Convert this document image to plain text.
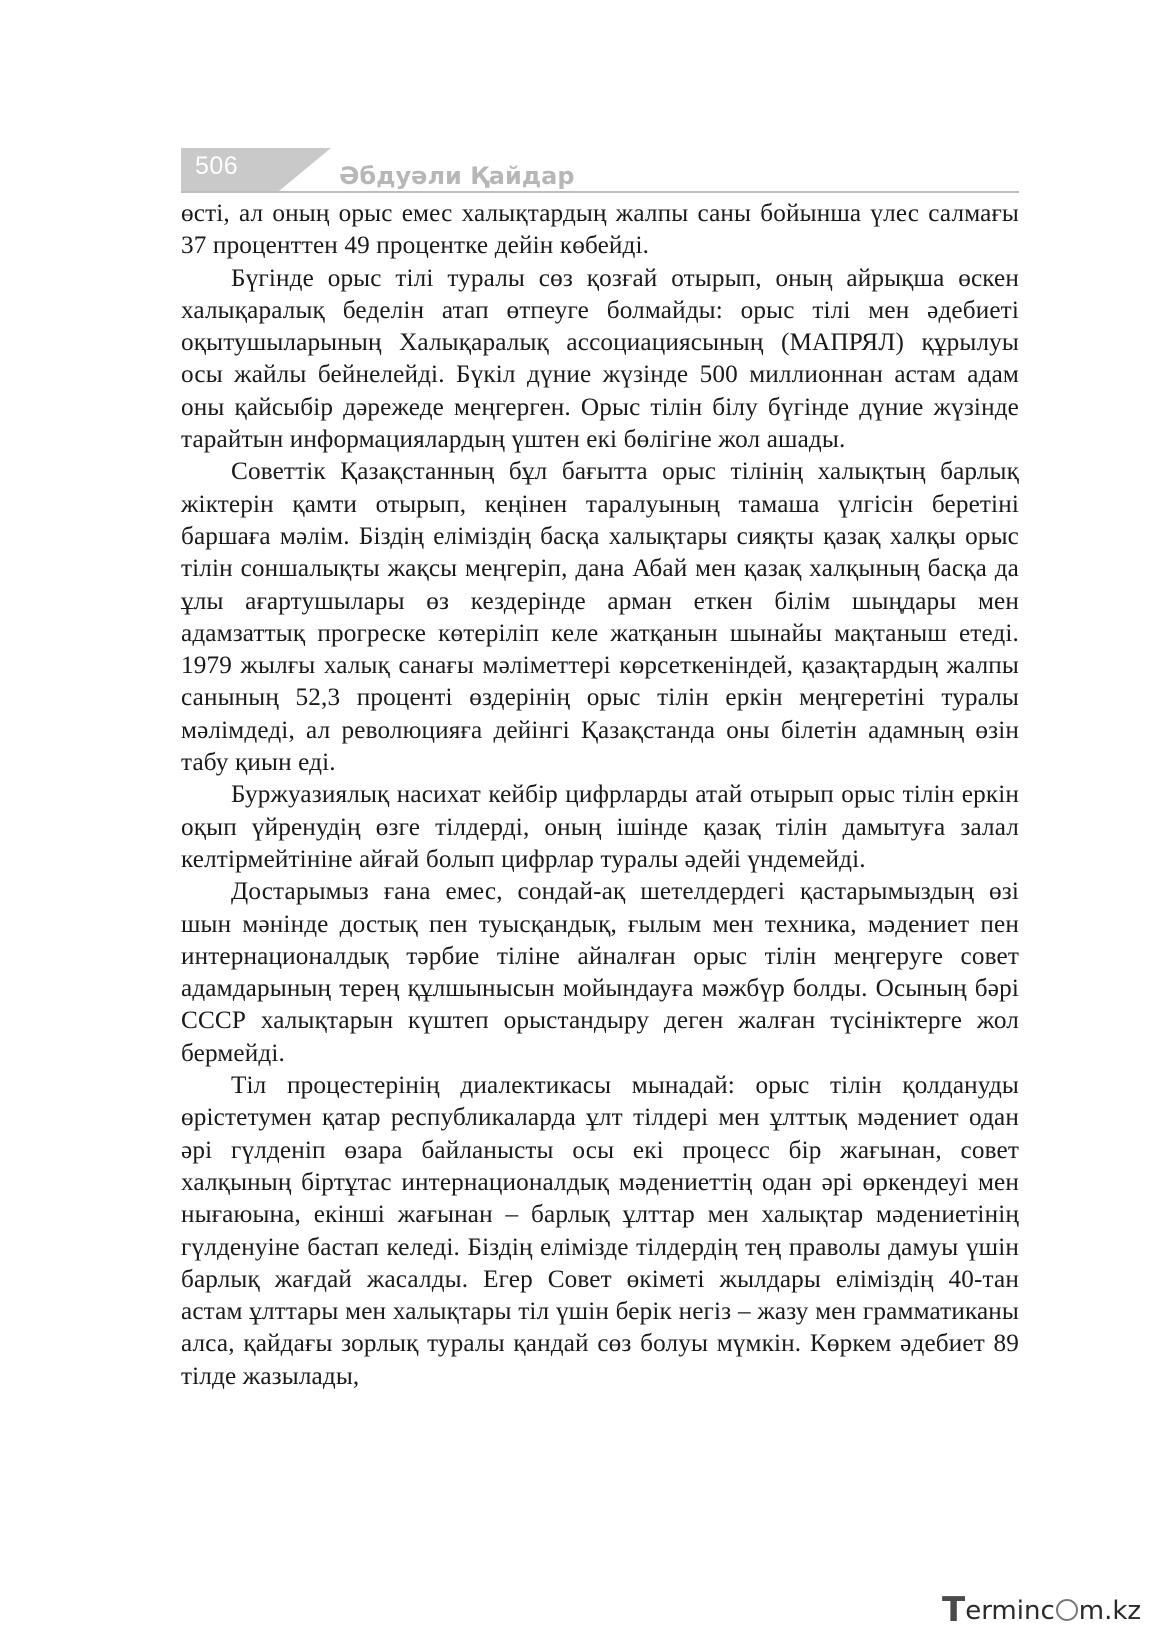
506	Әбдуәли Қайдар

өсті, ал оның орыс емес халықтардың жалпы саны бойынша үлес салмағы 37 проценттен 49 процентке дейін көбейді.

Бүгінде орыс тілі туралы сөз қозғай отырып, оның айрықша өскен халықаралық беделін атап өтпеуге болмайды: орыс тілі мен әдебиеті оқытушыларының Халықаралық ассоциациясының (МАПРЯЛ) құрылуы осы жайлы бейнелейді. Бүкіл дүние жүзінде 500 миллионнан астам адам оны қайсыбір дәрежеде меңгерген. Орыс тілін білу бүгінде дүние жүзінде тарайтын информациялардың үштен екі бөлігіне жол ашады.

Советтік Қазақстанның бұл бағытта орыс тілінің халықтың барлық жіктерін қамти отырып, кеңінен таралуының тамаша үлгісін беретіні баршаға мәлім. Біздің еліміздің басқа халықтары сияқты қазақ халқы орыс тілін соншалықты жақсы меңгеріп, дана Абай мен қазақ халқының басқа да ұлы ағартушылары өз кездерінде арман еткен білім шыңдары мен адамзаттық прогреске көтеріліп келе жатқанын шынайы мақтаныш етеді. 1979 жылғы халық санағы мәліметтері көрсеткеніндей, қазақтардың жалпы санының 52,3 проценті өздерінің орыс тілін еркін меңгеретіні туралы мәлімдеді, ал революцияға дейінгі Қазақстанда оны білетін адамның өзін табу қиын еді.

Буржуазиялық насихат кейбір цифрларды атай отырып орыс тілін еркін оқып үйренудің өзге тілдерді, оның ішінде қазақ тілін дамытуға залал келтірмейтініне айғай болып цифрлар туралы әдейі үндемейді.

Достарымыз ғана емес, сондай-ақ шетелдердегі қастарымыздың өзі шын мәнінде достық пен туысқандық, ғылым мен техника, мәдениет пен интернационалдық тәрбие тіліне айналған орыс тілін меңгеруге совет адамдарының терең құлшынысын мойындауға мәжбүр болды. Осының бәрі СССР халықтарын күштеп орыстандыру деген жалған түсініктерге жол бермейді.

Тіл процестерінің диалектикасы мынадай: орыс тілін қолдануды өрістетумен қатар республикаларда ұлт тілдері мен ұлттық мәдениет одан әрі гүлденіп өзара байланысты осы екі процесс бір жағынан, совет халқының біртұтас интернационалдық мәдениеттің одан әрі өркендеуі мен нығаюына, екінші жағынан – барлық ұлттар мен халықтар мәдениетінің гүлденуіне бастап келеді. Біздің елімізде тілдердің тең праволы дамуы үшін барлық жағдай жасалды. Егер Совет өкіметі жылдары еліміздің 40-тан астам ұлттары мен халықтары тіл үшін берік негіз – жазу мен грамматиканы алса, қайдағы зорлық туралы қандай сөз болуы мүмкін. Көркем әдебиет 89 тілде жазылады,

Terminc m.kz
